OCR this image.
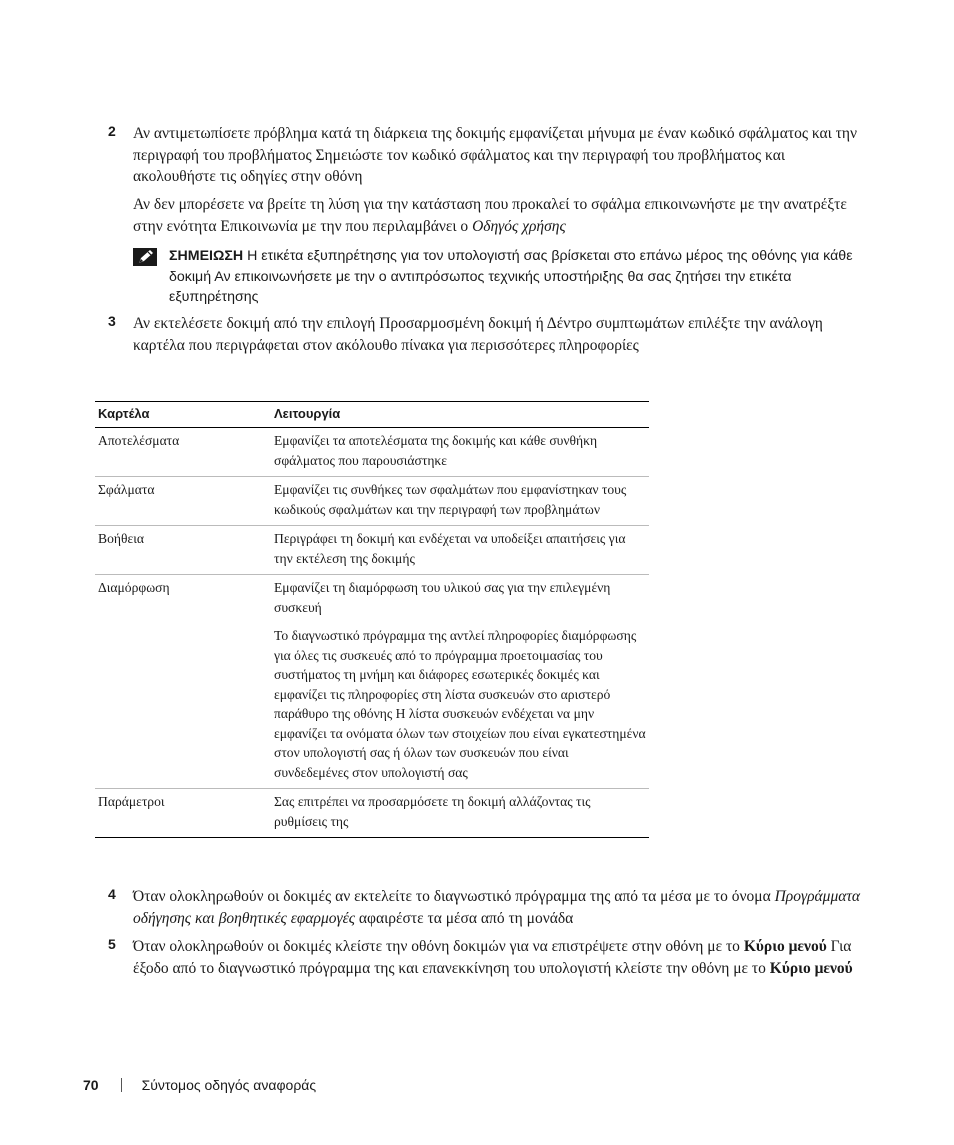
2 Αν αντιμετωπίσετε πρόβλημα κατά τη διάρκεια της δοκιμής εμφανίζεται μήνυμα με έναν κωδικό σφάλματος και την περιγραφή του προβλήματος Σημειώστε τον κωδικό σφάλματος και την περιγραφή του προβλήματος και ακολουθήστε τις οδηγίες στην οθόνη
Αν δεν μπορέσετε να βρείτε τη λύση για την κατάσταση που προκαλεί το σφάλμα επικοινωνήστε με την ανατρέξτε στην ενότητα Επικοινωνία με την που περιλαμβάνει ο Οδηγός χρήσης
ΣΗΜΕΙΩΣΗ Η ετικέτα εξυπηρέτησης για τον υπολογιστή σας βρίσκεται στο επάνω μέρος της οθόνης για κάθε δοκιμή Αν επικοινωνήσετε με την ο αντιπρόσωπος τεχνικής υποστήριξης θα σας ζητήσει την ετικέτα εξυπηρέτησης
3 Αν εκτελέσετε δοκιμή από την επιλογή Προσαρμοσμένη δοκιμή ή Δέντρο συμπτωμάτων επιλέξτε την ανάλογη καρτέλα που περιγράφεται στον ακόλουθο πίνακα για περισσότερες πληροφορίες
Καρτέλα	Λειτουργία
Αποτελέσματα	Εμφανίζει τα αποτελέσματα της δοκιμής και κάθε συνθήκη σφάλματος που παρουσιάστηκε

Σφάλματα	Εμφανίζει τις συνθήκες των σφαλμάτων που εμφανίστηκαν τους κωδικούς σφαλμάτων και την περιγραφή των προβλημάτων

Βοήθεια	Περιγράφει τη δοκιμή και ενδέχεται να υποδείξει απαιτήσεις για την εκτέλεση της δοκιμής

Διαμόρφωση	Εμφανίζει τη διαμόρφωση του υλικού σας για την επιλεγμένη συσκευή

Το διαγνωστικό πρόγραμμα της αντλεί πληροφορίες διαμόρφωσης για όλες τις συσκευές από το πρόγραμμα προετοιμασίας του συστήματος τη μνήμη και διάφορες εσωτερικές δοκιμές και εμφανίζει τις πληροφορίες στη λίστα συσκευών στο αριστερό παράθυρο της οθόνης Η λίστα συσκευών ενδέχεται να μην εμφανίζει τα ονόματα όλων των στοιχείων που είναι εγκατεστημένα στον υπολογιστή σας ή όλων των συσκευών που είναι συνδεδεμένες στον υπολογιστή σας

Παράμετροι	Σας επιτρέπει να προσαρμόσετε τη δοκιμή αλλάζοντας τις ρυθμίσεις της

4 Όταν ολοκληρωθούν οι δοκιμές αν εκτελείτε το διαγνωστικό πρόγραμμα της από τα μέσα με το όνομα Προγράμματα οδήγησης και βοηθητικές εφαρμογές αφαιρέστε τα μέσα από τη μονάδα
5 Όταν ολοκληρωθούν οι δοκιμές κλείστε την οθόνη δοκιμών για να επιστρέψετε στην οθόνη με το Κύριο μενού Για έξοδο από το διαγνωστικό πρόγραμμα της και επανεκκίνηση του υπολογιστή κλείστε την οθόνη με το Κύριο μενού
70	Σύντομος οδηγός αναφοράς
